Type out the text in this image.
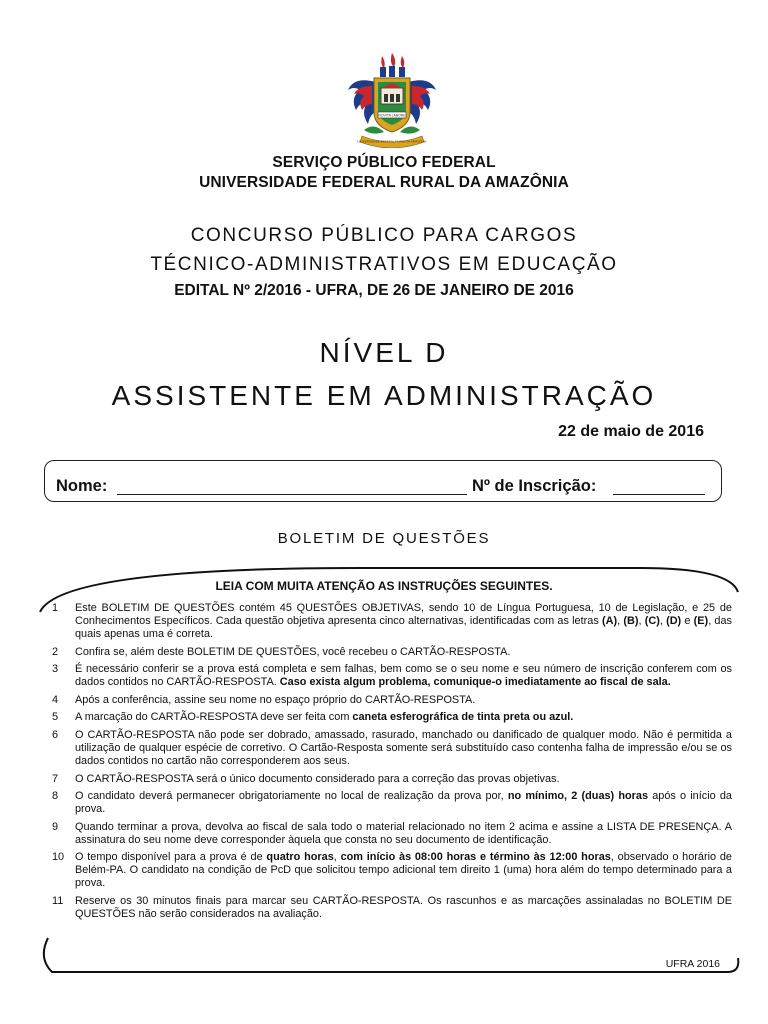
NOVITA LABORE
UNIVERSIDADE FEDERAL RURAL DA AMAZÔNIA
SERVIÇO PÚBLICO FEDERAL
UNIVERSIDADE FEDERAL RURAL DA AMAZÔNIA
CONCURSO PÚBLICO PARA CARGOS
TÉCNICO-ADMINISTRATIVOS EM EDUCAÇÃO
EDITAL Nº 2/2016 - UFRA, DE 26 DE JANEIRO DE 2016
NÍVEL D
ASSISTENTE EM ADMINISTRAÇÃO
22 de maio de 2016
Nome:	Nº de Inscrição:
BOLETIM DE QUESTÕES
LEIA COM MUITA ATENÇÃO AS INSTRUÇÕES SEGUINTES.
1	Este BOLETIM DE QUESTÕES contém 45 QUESTÕES OBJETIVAS, sendo 10 de Língua Portuguesa, 10 de Legislação, e 25 de Conhecimentos Específicos. Cada questão objetiva apresenta cinco alternativas, identificadas com as letras (A), (B), (C), (D) e (E), das quais apenas uma é correta.
2	Confira se, além deste BOLETIM DE QUESTÕES, você recebeu o CARTÃO-RESPOSTA.
3	É necessário conferir se a prova está completa e sem falhas, bem como se o seu nome e seu número de inscrição conferem com os dados contidos no CARTÃO-RESPOSTA. Caso exista algum problema, comunique-o imediatamente ao fiscal de sala.
4	Após a conferência, assine seu nome no espaço próprio do CARTÃO-RESPOSTA.
5	A marcação do CARTÃO-RESPOSTA deve ser feita com caneta esferográfica de tinta preta ou azul.
6	O CARTÃO-RESPOSTA não pode ser dobrado, amassado, rasurado, manchado ou danificado de qualquer modo. Não é permitida a utilização de qualquer espécie de corretivo. O Cartão-Resposta somente será substituído caso contenha falha de impressão e/ou se os dados contidos no cartão não corresponderem aos seus.
7	O CARTÃO-RESPOSTA será o único documento considerado para a correção das provas objetivas.
8	O candidato deverá permanecer obrigatoriamente no local de realização da prova por, no mínimo, 2 (duas) horas após o início da prova.
9	Quando terminar a prova, devolva ao fiscal de sala todo o material relacionado no item 2 acima e assine a LISTA DE PRESENÇA. A assinatura do seu nome deve corresponder àquela que consta no seu documento de identificação.
10 O tempo disponível para a prova é de quatro horas, com início às 08:00 horas e término às 12:00 horas, observado o horário de Belém-PA. O candidato na condição de PcD que solicitou tempo adicional tem direito 1 (uma) hora além do tempo determinado para a prova.
11	Reserve os 30 minutos finais para marcar seu CARTÃO-RESPOSTA. Os rascunhos e as marcações assinaladas no BOLETIM DE QUESTÕES não serão considerados na avaliação.
UFRA 2016
